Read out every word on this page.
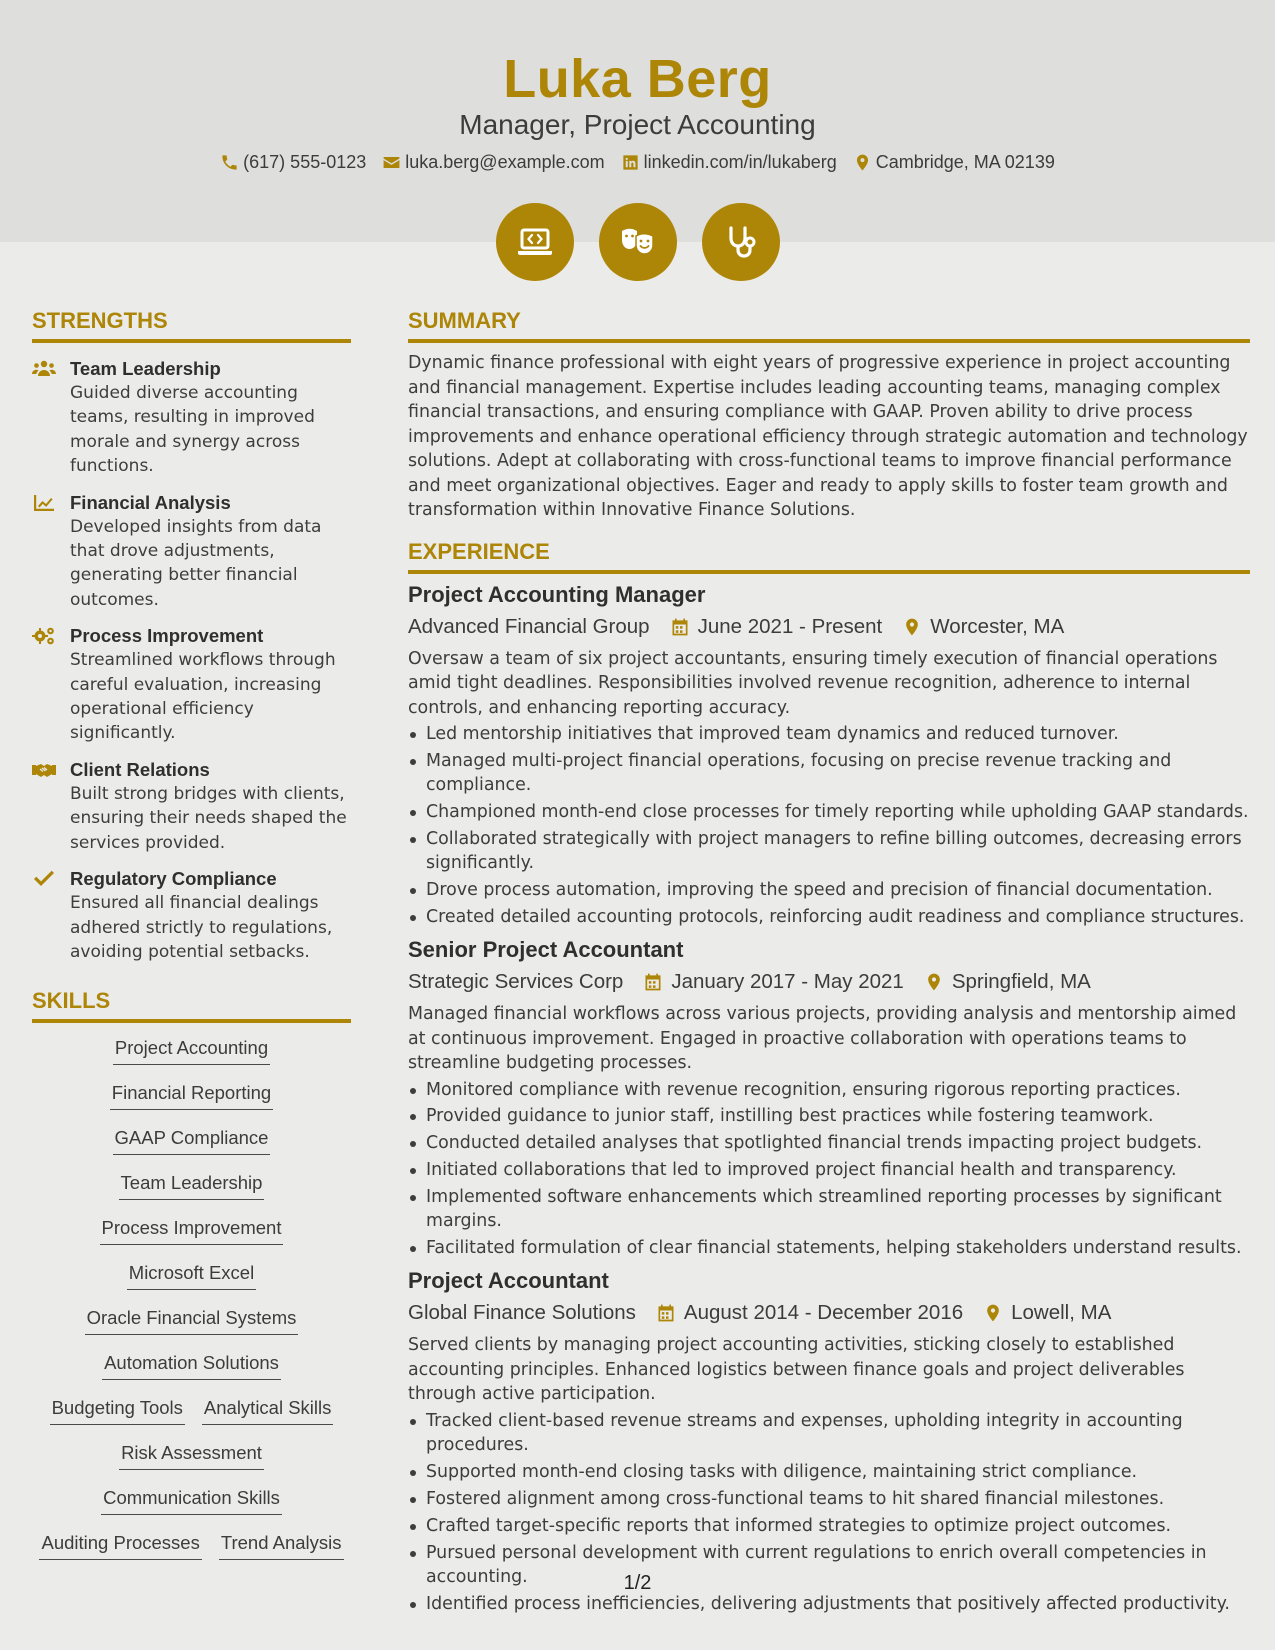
Luka Berg
Manager, Project Accounting
(617) 555-0123 luka.berg@example.com linkedin.com/in/lukaberg Cambridge, MA 02139
STRENGTHS
Team Leadership
Guided diverse accounting teams, resulting in improved morale and synergy across functions.
Financial Analysis
Developed insights from data that drove adjustments, generating better financial outcomes.
Process Improvement
Streamlined workflows through careful evaluation, increasing operational efficiency significantly.
Client Relations
Built strong bridges with clients, ensuring their needs shaped the services provided.
Regulatory Compliance
Ensured all financial dealings adhered strictly to regulations, avoiding potential setbacks.
SKILLS
Project Accounting
Financial Reporting
GAAP Compliance
Team Leadership
Process Improvement
Microsoft Excel
Oracle Financial Systems
Automation Solutions
Budgeting Tools Analytical Skills
Risk Assessment
Communication Skills
Auditing Processes Trend Analysis
SUMMARY

Dynamic finance professional with eight years of progressive experience in project accounting and financial management. Expertise includes leading accounting teams, managing complex financial transactions, and ensuring compliance with GAAP. Proven ability to drive process improvements and enhance operational efficiency through strategic automation and technology solutions. Adept at collaborating with cross-functional teams to improve financial performance and meet organizational objectives. Eager and ready to apply skills to foster team growth and transformation within Innovative Finance Solutions.

EXPERIENCE
Project Accounting Manager
Advanced Financial Group June 2021 - Present Worcester, MA

Oversaw a team of six project accountants, ensuring timely execution of financial operations amid tight deadlines. Responsibilities involved revenue recognition, adherence to internal controls, and enhancing reporting accuracy.

Led mentorship initiatives that improved team dynamics and reduced turnover.
Managed multi-project financial operations, focusing on precise revenue tracking and compliance.
Championed month-end close processes for timely reporting while upholding GAAP standards.
Collaborated strategically with project managers to refine billing outcomes, decreasing errors significantly.
Drove process automation, improving the speed and precision of financial documentation.
Created detailed accounting protocols, reinforcing audit readiness and compliance structures.
Senior Project Accountant
Strategic Services Corp January 2017 - May 2021 Springfield, MA

Managed financial workflows across various projects, providing analysis and mentorship aimed at continuous improvement. Engaged in proactive collaboration with operations teams to streamline budgeting processes.

Monitored compliance with revenue recognition, ensuring rigorous reporting practices.
Provided guidance to junior staff, instilling best practices while fostering teamwork.
Conducted detailed analyses that spotlighted financial trends impacting project budgets.
Initiated collaborations that led to improved project financial health and transparency.
Implemented software enhancements which streamlined reporting processes by significant margins.
Facilitated formulation of clear financial statements, helping stakeholders understand results.
Project Accountant
Global Finance Solutions August 2014 - December 2016 Lowell, MA

Served clients by managing project accounting activities, sticking closely to established accounting principles. Enhanced logistics between finance goals and project deliverables through active participation.

Tracked client-based revenue streams and expenses, upholding integrity in accounting procedures.
Supported month-end closing tasks with diligence, maintaining strict compliance.
Fostered alignment among cross-functional teams to hit shared financial milestones.
Crafted target-specific reports that informed strategies to optimize project outcomes.
Pursued personal development with current regulations to enrich overall competencies in accounting.
Identified process inefficiencies, delivering adjustments that positively affected productivity.
1/2
